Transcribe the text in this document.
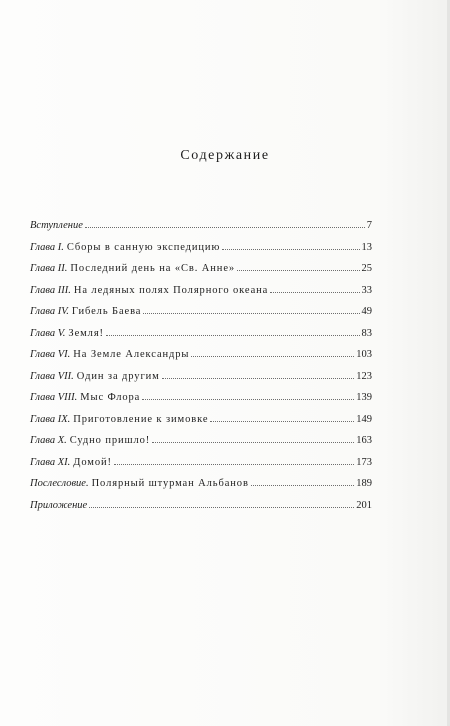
Содержание
Вступление	7
Глава I. Сборы в санную экспедицию	13
Глава II. Последний день на «Св. Анне»	25
Глава III. На ледяных полях Полярного океана	33
Глава IV. Гибель Баева	49
Глава V. Земля!	83
Глава VI. На Земле Александры	103
Глава VII. Один за другим	123
Глава VIII. Мыс Флора	139
Глава IX. Приготовление к зимовке	149
Глава X. Судно пришло!	163
Глава XI. Домой!	173
Послесловие. Полярный штурман Альбанов	189
Приложение	201
